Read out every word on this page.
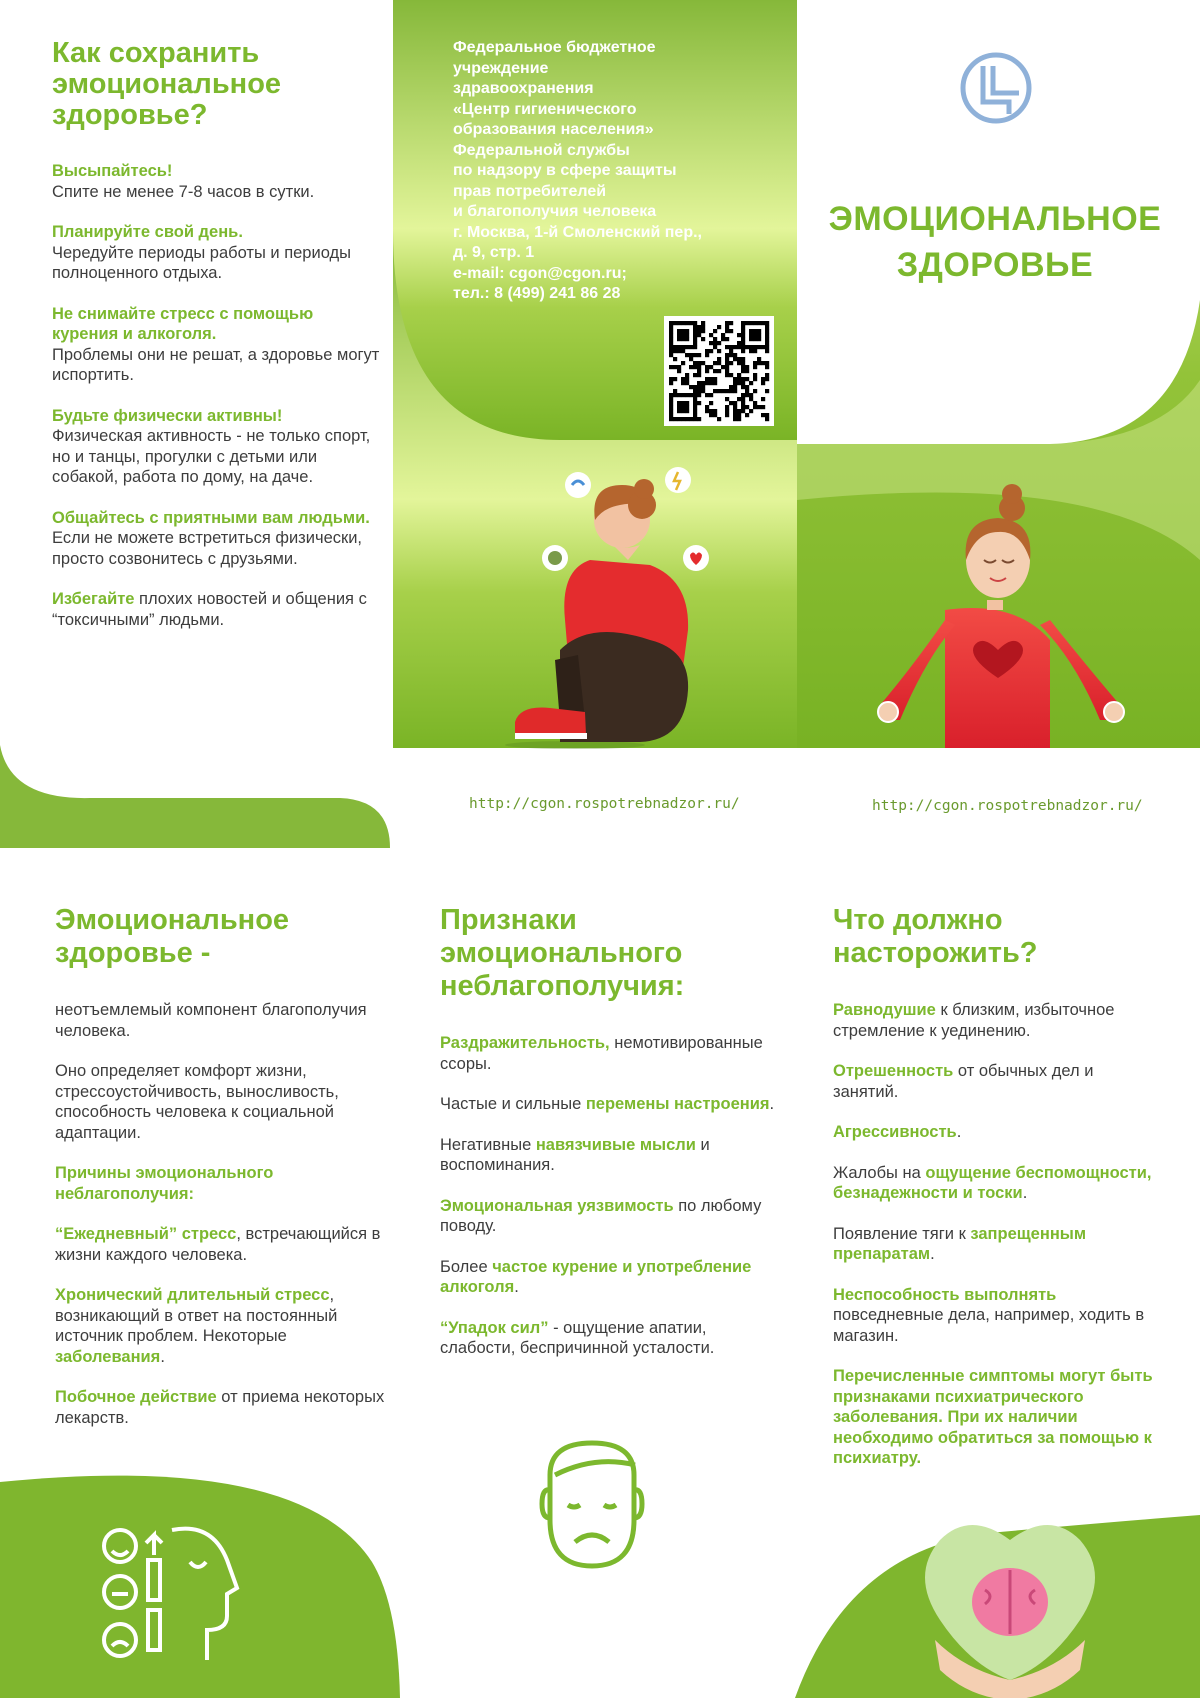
Как сохранить эмоциональное здоровье?
Высыпайтесь!
Спите не менее 7-8 часов в сутки.
Планируйте свой день.
Чередуйте периоды работы и периоды полноценного отдыха.
Не снимайте стресс с помощью курения и алкоголя.
Проблемы они не решат, а здоровье могут испортить.
Будьте физически активны!
Физическая активность - не только спорт, но и танцы, прогулки с детьми или собакой, работа по дому, на даче.
Общайтесь с приятными вам людьми.
Если не можете встретиться физически, просто созвонитесь с друзьями.
Избегайте плохих новостей и общения с “токсичными” людьми.
Федеральное бюджетное
учреждение
здравоохранения
«Центр гигиенического
образования населения»
Федеральной службы
по надзору в сфере защиты
прав потребителей
и благополучия человека
г. Москва, 1-й Смоленский пер.,
д. 9, стр. 1
e-mail: cgon@cgon.ru;
тел.: 8 (499) 241 86 28
ЭМОЦИОНАЛЬНОЕ
ЗДОРОВЬЕ
http://cgon.rospotrebnadzor.ru/	http://cgon.rospotrebnadzor.ru/
Эмоциональное здоровье -

неотъемлемый компонент благополучия человека.

Оно определяет комфорт жизни, стрессоустойчивость, выносливость, способность человека к социальной адаптации.

Причины эмоционального неблагополучия:

“Ежедневный” стресс, встречающийся в жизни каждого человека.

Хронический длительный стресс, возникающий в ответ на постоянный источник проблем. Некоторые заболевания.

Побочное действие от приема некоторых лекарств.

Признаки эмоционального неблагополучия:

Раздражительность, немотивированные ссоры.

Частые и сильные перемены настроения.

Негативные навязчивые мысли и воспоминания.

Эмоциональная уязвимость по любому поводу.

Более частое курение и употребление алкоголя.

“Упадок сил” - ощущение апатии, слабости, беспричинной усталости.

Что должно насторожить?

Равнодушие к близким, избыточное стремление к уединению.

Отрешенность от обычных дел и занятий.

Агрессивность.

Жалобы на ощущение беспомощности, безнадежности и тоски.

Появление тяги к запрещенным препаратам.

Неспособность выполнять повседневные дела, например, ходить в магазин.

Перечисленные симптомы могут быть признаками психиатрического заболевания. При их наличии необходимо обратиться за помощью к психиатру.
